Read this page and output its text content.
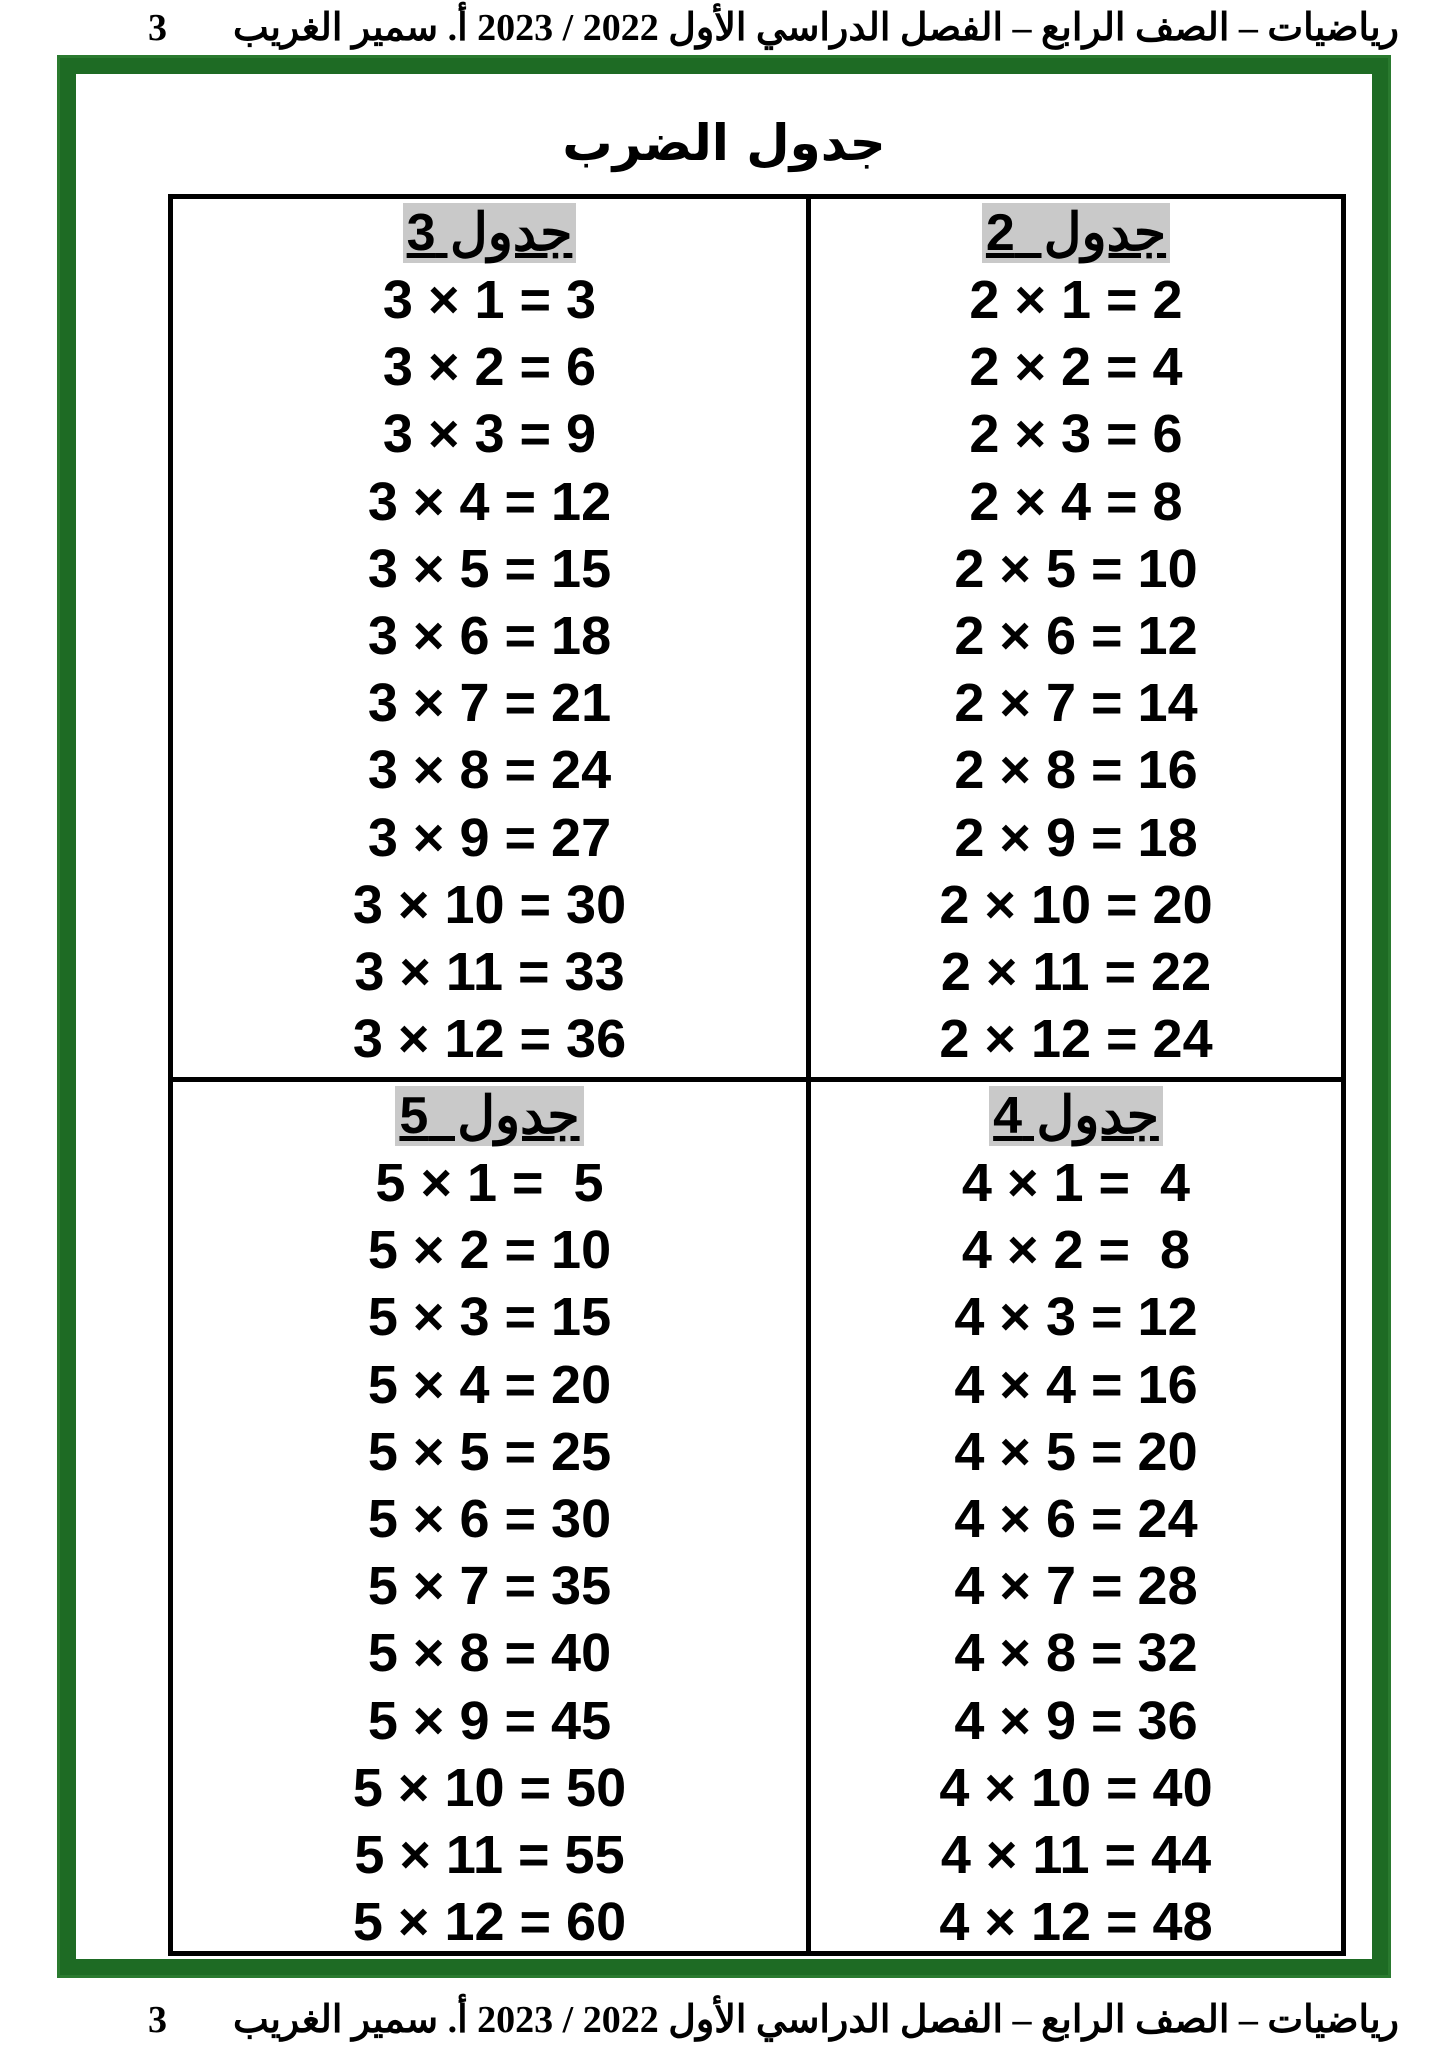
رياضيات – الصف الرابع – الفصل الدراسي الأول 2022 / 2023 أ. سمير الغريب
3
جدول الضرب
جدول 3
3 × 1 = 3
3 × 2 = 6
3 × 3 = 9
3 × 4 = 12
3 × 5 = 15
3 × 6 = 18
3 × 7 = 21
3 × 8 = 24
3 × 9 = 27
3 × 10 = 30
3 × 11 = 33
3 × 12 = 36
جدول  2
2 × 1 = 2
2 × 2 = 4
2 × 3 = 6
2 × 4 = 8
2 × 5 = 10
2 × 6 = 12
2 × 7 = 14
2 × 8 = 16
2 × 9 = 18
2 × 10 = 20
2 × 11 = 22
2 × 12 = 24
جدول  5
5 × 1 =  5
5 × 2 = 10
5 × 3 = 15
5 × 4 = 20
5 × 5 = 25
5 × 6 = 30
5 × 7 = 35
5 × 8 = 40
5 × 9 = 45
5 × 10 = 50
5 × 11 = 55
5 × 12 = 60
جدول 4
4 × 1 =  4
4 × 2 =  8
4 × 3 = 12
4 × 4 = 16
4 × 5 = 20
4 × 6 = 24
4 × 7 = 28
4 × 8 = 32
4 × 9 = 36
4 × 10 = 40
4 × 11 = 44
4 × 12 = 48
رياضيات – الصف الرابع – الفصل الدراسي الأول 2022 / 2023 أ. سمير الغريب
3
